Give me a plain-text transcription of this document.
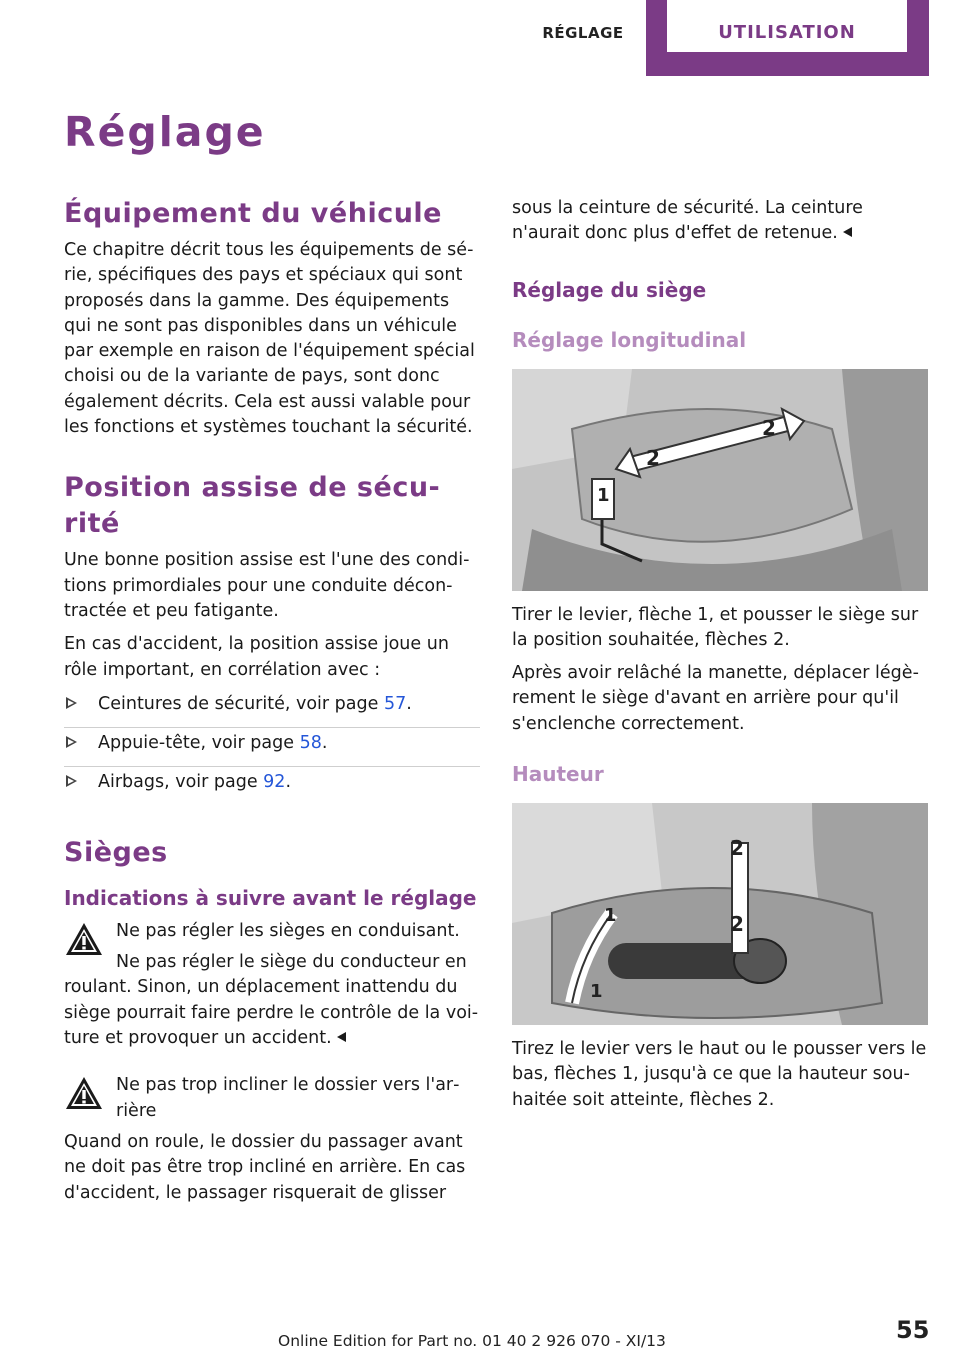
RÉGLAGE	UTILISATION
Réglage
Équipement du véhicule
Ce chapitre décrit tous les équipements de série, spécifiques des pays et spéciaux qui sont proposés dans la gamme. Des équipements qui ne sont pas disponibles dans un véhicule par exemple en raison de l'équipement spécial choisi ou de la variante de pays, sont donc également décrits. Cela est aussi valable pour les fonctions et systèmes touchant la sécurité.
Position assise de sécurité
Une bonne position assise est l'une des conditions primordiales pour une conduite décontractée et peu fatigante.
En cas d'accident, la position assise joue un rôle important, en corrélation avec :
Ceintures de sécurité, voir page 57.
Appuie-tête, voir page 58.
Airbags, voir page 92.
Sièges
Indications à suivre avant le réglage
Ne pas régler les sièges en conduisant.
Ne pas régler le siège du conducteur en roulant. Sinon, un déplacement inattendu du siège pourrait faire perdre le contrôle de la voiture et provoquer un accident.
Ne pas trop incliner le dossier vers l'arrière
Quand on roule, le dossier du passager avant ne doit pas être trop incliné en arrière. En cas d'accident, le passager risquerait de glisser
sous la ceinture de sécurité. La ceinture n'aurait donc plus d'effet de retenue.
Réglage du siège
Réglage longitudinal
2
2
1
Tirer le levier, flèche 1, et pousser le siège sur la position souhaitée, flèches 2.
Après avoir relâché la manette, déplacer légèrement le siège d'avant en arrière pour qu'il s'enclenche correctement.
Hauteur
2
2
1
1
Tirez le levier vers le haut ou le pousser vers le bas, flèches 1, jusqu'à ce que la hauteur souhaitée soit atteinte, flèches 2.
Online Edition for Part no. 01 40 2 926 070 - XI/13	55
